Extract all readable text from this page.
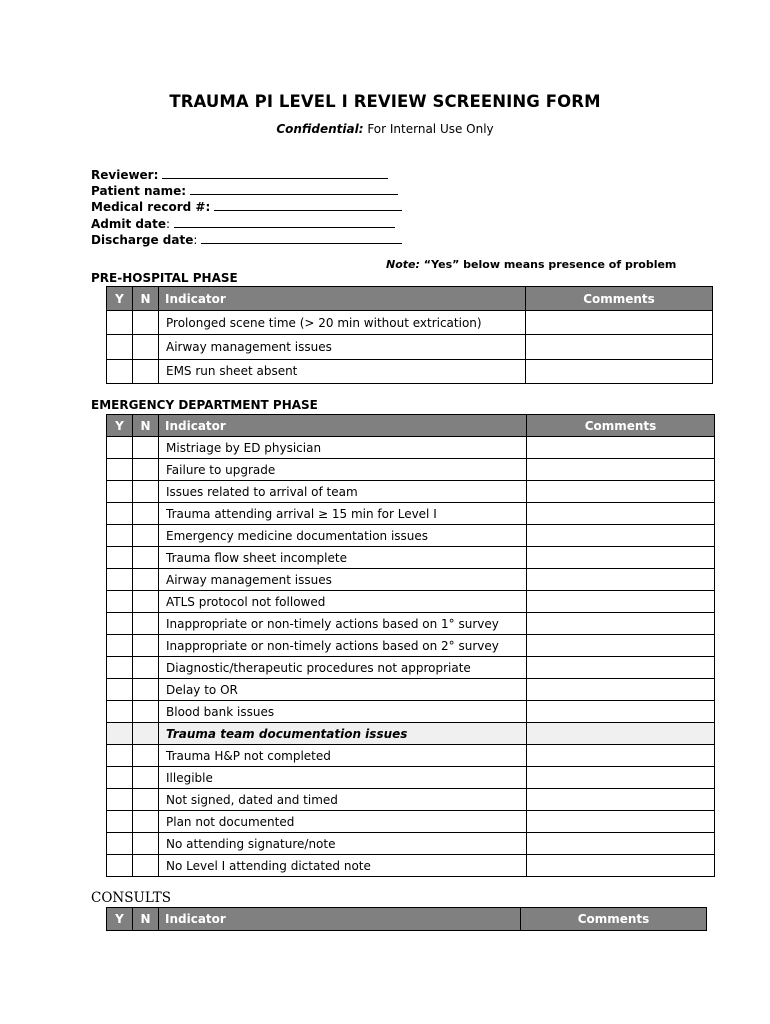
TRAUMA PI LEVEL I REVIEW SCREENING FORM
Confidential: For Internal Use Only
Reviewer:
Patient name:
Medical record #:
Admit date:
Discharge date:
Note: “Yes” below means presence of problem
PRE-HOSPITAL PHASE
Y	N	Indicator	Comments
		Prolonged scene time (> 20 min without extrication)	
		Airway management issues	
		EMS run sheet absent	
EMERGENCY DEPARTMENT PHASE
Y	N	Indicator	Comments
		Mistriage by ED physician	
		Failure to upgrade	
		Issues related to arrival of team	
		Trauma attending arrival ≥ 15 min for Level I	
		Emergency medicine documentation issues	
		Trauma flow sheet incomplete	
		Airway management issues	
		ATLS protocol not followed	
		Inappropriate or non-timely actions based on 1° survey	
		Inappropriate or non-timely actions based on 2° survey	
		Diagnostic/therapeutic procedures not appropriate	
		Delay to OR	
		Blood bank issues	
		Trauma team documentation issues	
		Trauma H&P not completed	
		Illegible	
		Not signed, dated and timed	
		Plan not documented	
		No attending signature/note	
		No Level I attending dictated note	
CONSULTS
Y	N	Indicator	Comments
